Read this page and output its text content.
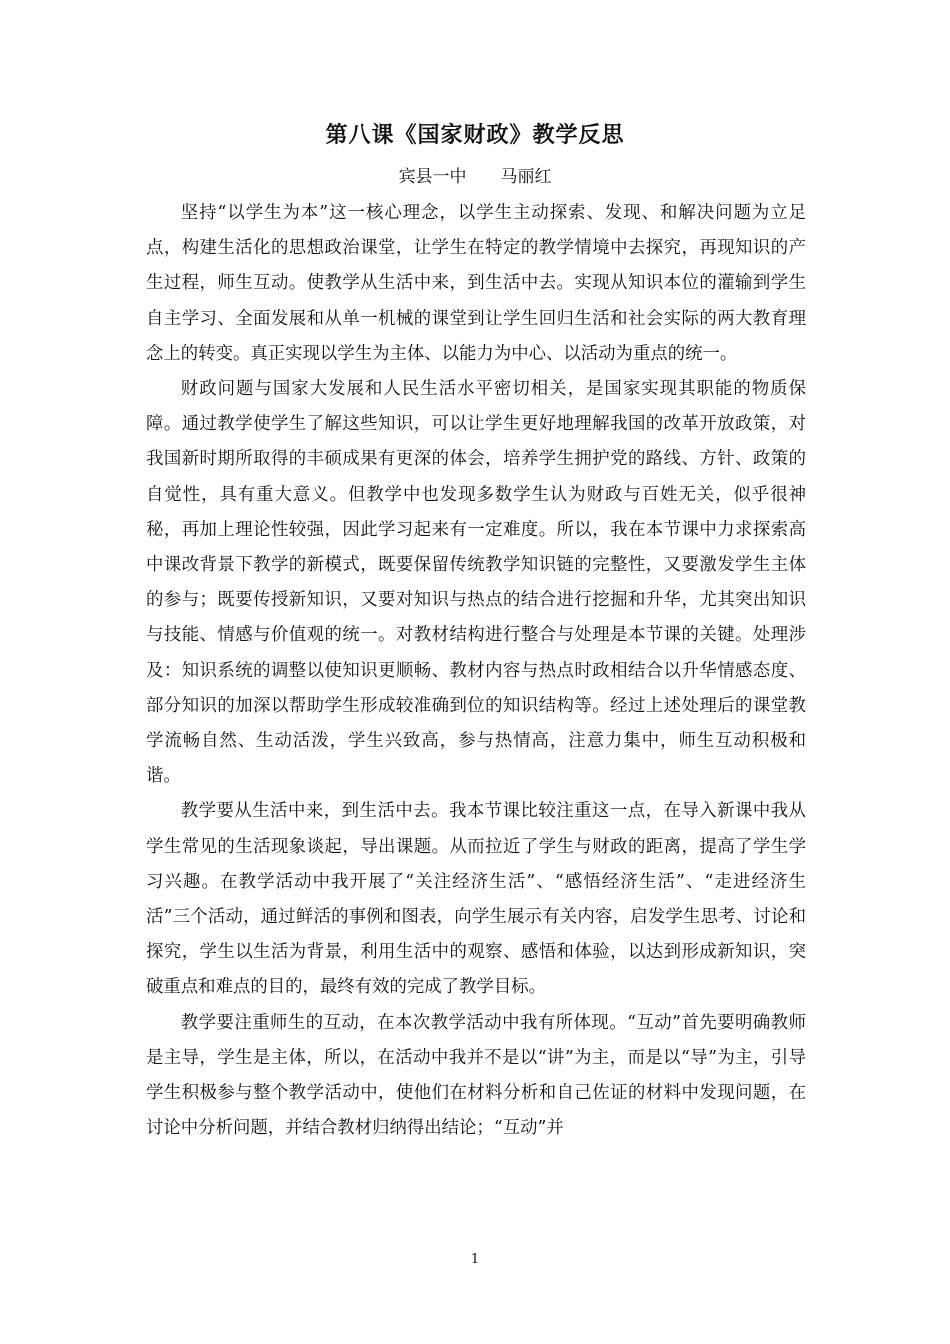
第八课《国家财政》教学反思
宾县一中 马丽红

坚持“以学生为本”这一核心理念，以学生主动探索、发现、和解决问题为立足点，构建生活化的思想政治课堂，让学生在特定的教学情境中去探究，再现知识的产生过程，师生互动。使教学从生活中来，到生活中去。实现从知识本位的灌输到学生自主学习、全面发展和从单一机械的课堂到让学生回归生活和社会实际的两大教育理念上的转变。真正实现以学生为主体、以能力为中心、以活动为重点的统一。

财政问题与国家大发展和人民生活水平密切相关，是国家实现其职能的物质保障。通过教学使学生了解这些知识，可以让学生更好地理解我国的改革开放政策，对我国新时期所取得的丰硕成果有更深的体会，培养学生拥护党的路线、方针、政策的自觉性，具有重大意义。但教学中也发现多数学生认为财政与百姓无关，似乎很神秘，再加上理论性较强，因此学习起来有一定难度。所以，我在本节课中力求探索高中课改背景下教学的新模式，既要保留传统教学知识链的完整性，又要激发学生主体的参与；既要传授新知识，又要对知识与热点的结合进行挖掘和升华，尤其突出知识与技能、情感与价值观的统一。对教材结构进行整合与处理是本节课的关键。处理涉及：知识系统的调整以使知识更顺畅、教材内容与热点时政相结合以升华情感态度、部分知识的加深以帮助学生形成较准确到位的知识结构等。经过上述处理后的课堂教学流畅自然、生动活泼，学生兴致高，参与热情高，注意力集中，师生互动积极和谐。

教学要从生活中来，到生活中去。我本节课比较注重这一点，在导入新课中我从学生常见的生活现象谈起，导出课题。从而拉近了学生与财政的距离，提高了学生学习兴趣。在教学活动中我开展了“关注经济生活”、“感悟经济生活”、“走进经济生活”三个活动，通过鲜活的事例和图表，向学生展示有关内容，启发学生思考、讨论和探究，学生以生活为背景，利用生活中的观察、感悟和体验，以达到形成新知识，突破重点和难点的目的，最终有效的完成了教学目标。

教学要注重师生的互动，在本次教学活动中我有所体现。“互动”首先要明确教师是主导，学生是主体，所以，在活动中我并不是以“讲”为主，而是以“导”为主，引导学生积极参与整个教学活动中，使他们在材料分析和自己佐证的材料中发现问题，在讨论中分析问题，并结合教材归纳得出结论；“互动”并

1
